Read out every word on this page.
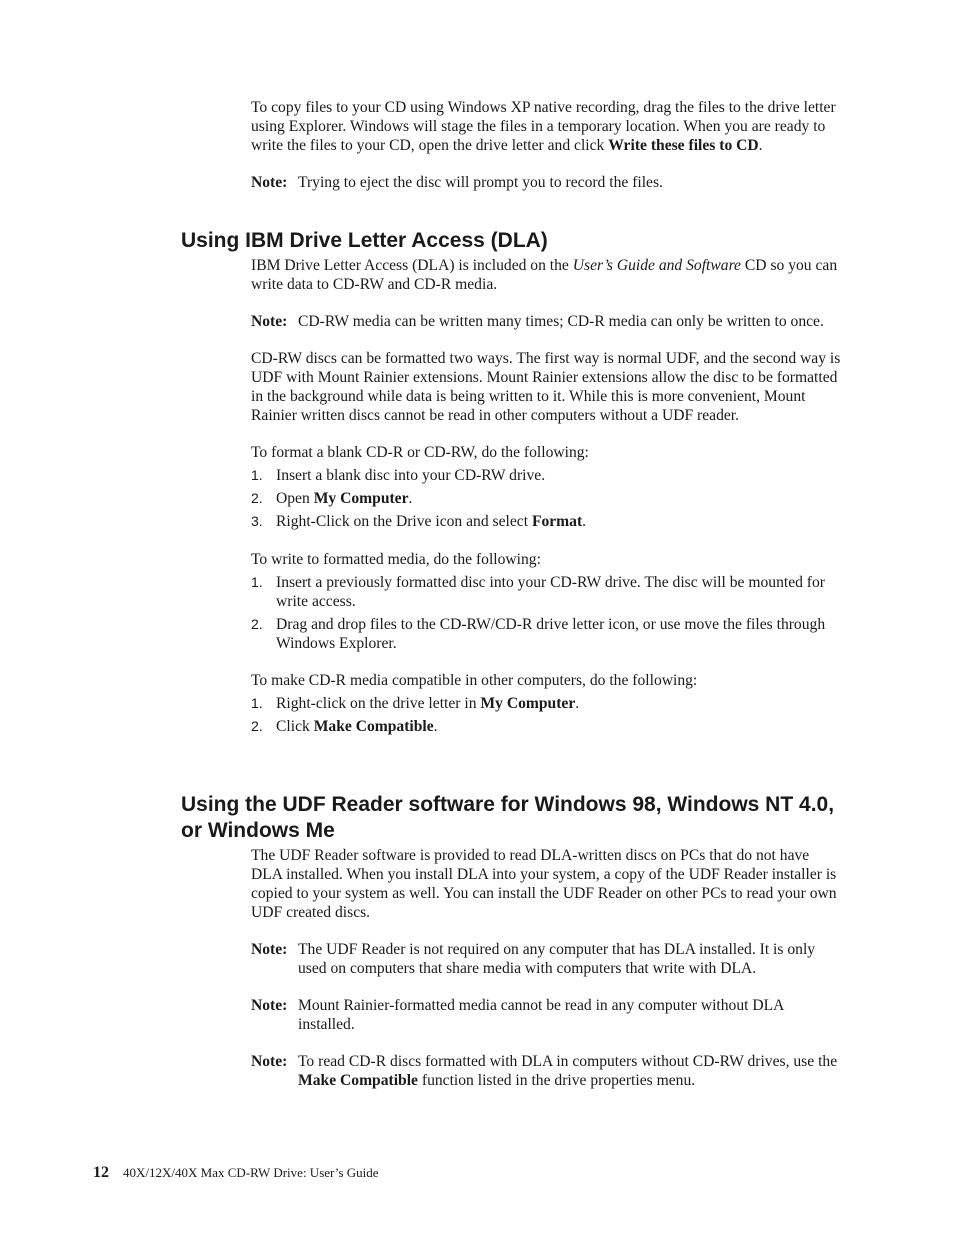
To copy files to your CD using Windows XP native recording, drag the files to the drive letter using Explorer. Windows will stage the files in a temporary location. When you are ready to write the files to your CD, open the drive letter and click Write these files to CD.

Note: Trying to eject the disc will prompt you to record the files.

Using IBM Drive Letter Access (DLA)

IBM Drive Letter Access (DLA) is included on the User’s Guide and Software CD so you can write data to CD-RW and CD-R media.

Note: CD-RW media can be written many times; CD-R media can only be written to once.

CD-RW discs can be formatted two ways. The first way is normal UDF, and the second way is UDF with Mount Rainier extensions. Mount Rainier extensions allow the disc to be formatted in the background while data is being written to it. While this is more convenient, Mount Rainier written discs cannot be read in other computers without a UDF reader.

To format a blank CD-R or CD-RW, do the following:

1. Insert a blank disc into your CD-RW drive.
2. Open My Computer.
3. Right-Click on the Drive icon and select Format.

To write to formatted media, do the following:

1. Insert a previously formatted disc into your CD-RW drive. The disc will be mounted for write access.
2. Drag and drop files to the CD-RW/CD-R drive letter icon, or use move the files through Windows Explorer.

To make CD-R media compatible in other computers, do the following:

1. Right-click on the drive letter in My Computer.
2. Click Make Compatible.
Using the UDF Reader software for Windows 98, Windows NT 4.0, or Windows Me

The UDF Reader software is provided to read DLA-written discs on PCs that do not have DLA installed. When you install DLA into your system, a copy of the UDF Reader installer is copied to your system as well. You can install the UDF Reader on other PCs to read your own UDF created discs.

Note: The UDF Reader is not required on any computer that has DLA installed. It is only used on computers that share media with computers that write with DLA.

Note: Mount Rainier-formatted media cannot be read in any computer without DLA installed.

Note: To read CD-R discs formatted with DLA in computers without CD-RW drives, use the Make Compatible function listed in the drive properties menu.

12 40X/12X/40X Max CD-RW Drive: User’s Guide
